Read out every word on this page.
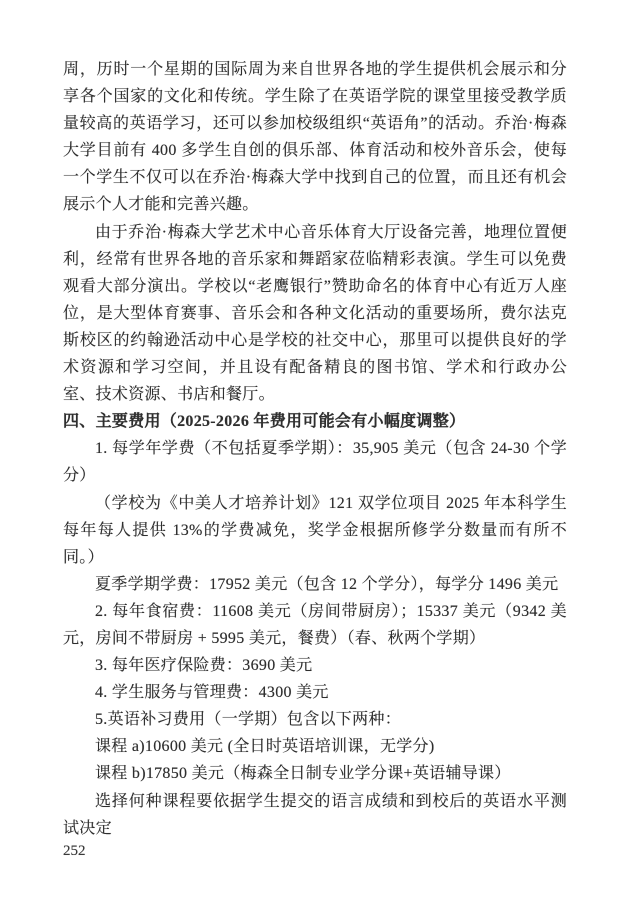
周，历时一个星期的国际周为来自世界各地的学生提供机会展示和分享各个国家的文化和传统。学生除了在英语学院的课堂里接受教学质量较高的英语学习，还可以参加校级组织“英语角”的活动。乔治·梅森大学目前有 400 多学生自创的俱乐部、体育活动和校外音乐会，使每一个学生不仅可以在乔治·梅森大学中找到自己的位置，而且还有机会展示个人才能和完善兴趣。

由于乔治·梅森大学艺术中心音乐体育大厅设备完善，地理位置便利，经常有世界各地的音乐家和舞蹈家莅临精彩表演。学生可以免费观看大部分演出。学校以“老鹰银行”赞助命名的体育中心有近万人座位，是大型体育赛事、音乐会和各种文化活动的重要场所，费尔法克斯校区的约翰逊活动中心是学校的社交中心，那里可以提供良好的学术资源和学习空间，并且设有配备精良的图书馆、学术和行政办公室、技术资源、书店和餐厅。

四、主要费用（2025-2026 年费用可能会有小幅度调整）

1. 每学年学费（不包括夏季学期）：35,905 美元（包含 24-30 个学分）

（学校为《中美人才培养计划》121 双学位项目 2025 年本科学生每年每人提供 13%的学费减免，奖学金根据所修学分数量而有所不同。）

夏季学期学费：17952 美元（包含 12 个学分），每学分 1496 美元

2. 每年食宿费：11608 美元（房间带厨房）；15337 美元（9342 美元，房间不带厨房 + 5995 美元，餐费）（春、秋两个学期）

3. 每年医疗保险费：3690 美元

4. 学生服务与管理费：4300 美元

5.英语补习费用（一学期）包含以下两种：

课程 a)10600 美元 (全日时英语培训课，无学分)

课程 b)17850 美元（梅森全日制专业学分课+英语辅导课）

选择何种课程要依据学生提交的语言成绩和到校后的英语水平测试决定

252
